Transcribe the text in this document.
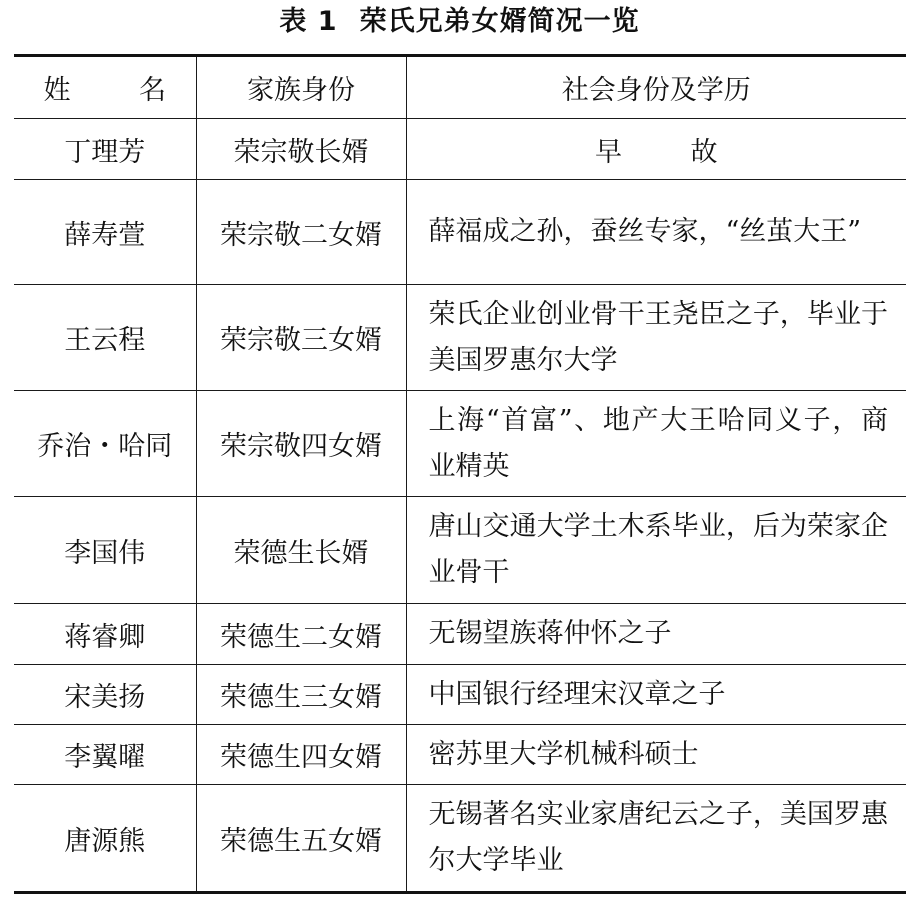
表 1 荣氏兄弟女婿简况一览
姓 名	家族身份	社会身份及学历
丁理芳	荣宗敬长婿	早 故
薛寿萱	荣宗敬二女婿	薛福成之孙，蚕丝专家，“丝茧大王”
王云程	荣宗敬三女婿	荣氏企业创业骨干王尧臣之子，毕业于美国罗惠尔大学
乔治・哈同	荣宗敬四女婿	上海“首富”、地产大王哈同义子，商业精英
李国伟	荣德生长婿	唐山交通大学土木系毕业，后为荣家企业骨干
蒋睿卿	荣德生二女婿	无锡望族蒋仲怀之子
宋美扬	荣德生三女婿	中国银行经理宋汉章之子
李翼曜	荣德生四女婿	密苏里大学机械科硕士
唐源熊	荣德生五女婿	无锡著名实业家唐纪云之子，美国罗惠尔大学毕业
